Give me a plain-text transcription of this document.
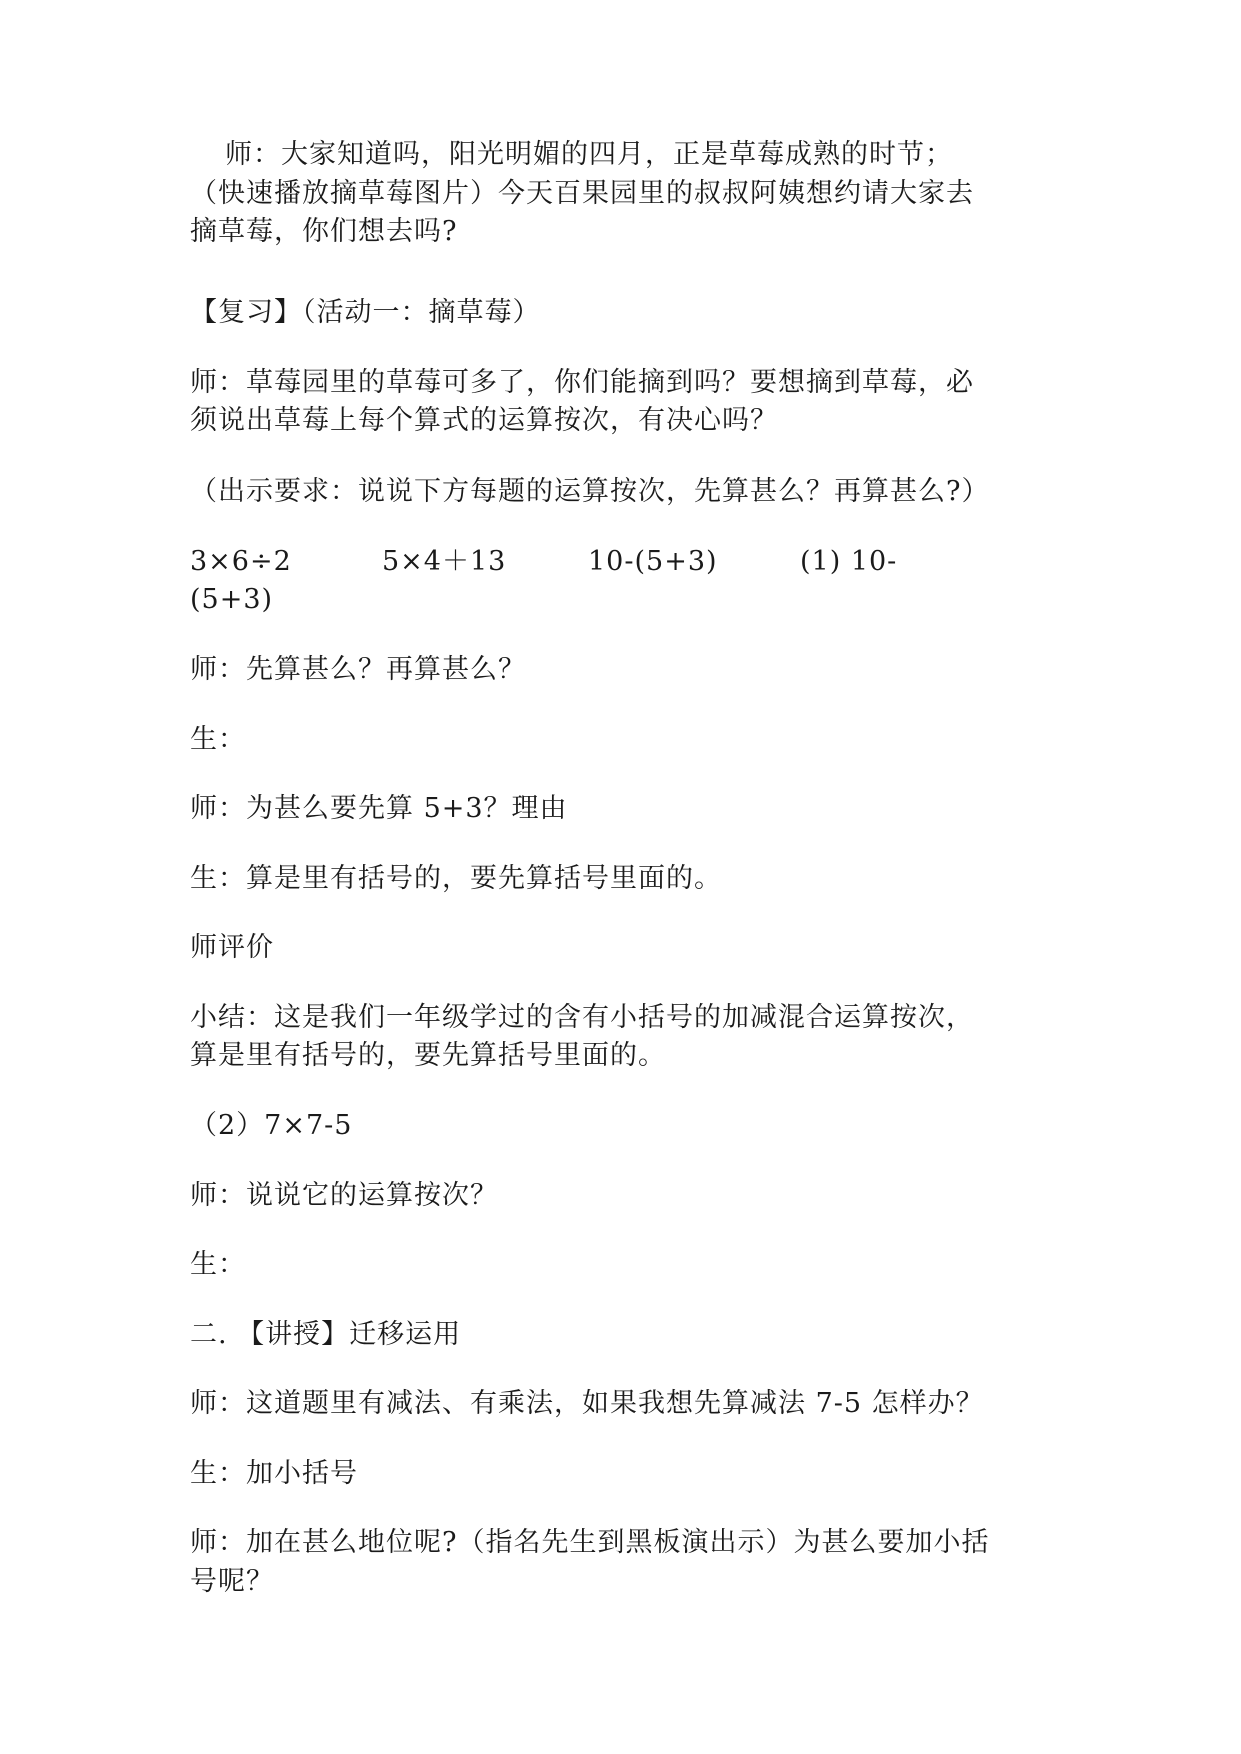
师：大家知道吗，阳光明媚的四月，正是草莓成熟的时节；
（快速播放摘草莓图片）今天百果园里的叔叔阿姨想约请大家去
摘草莓，你们想去吗?
【复习】（活动一：摘草莓）
师：草莓园里的草莓可多了，你们能摘到吗？要想摘到草莓，必
须说出草莓上每个算式的运算按次，有决心吗？
（出示要求：说说下方每题的运算按次，先算甚么？再算甚么?）

3×6÷2

	5×4＋13

	10-(5+3)

	(1) 10-

(5+3)
师：先算甚么？再算甚么？
生：
师：为甚么要先算 5+3？理由
生：算是里有括号的，要先算括号里面的。
师评价
小结：这是我们一年级学过的含有小括号的加减混合运算按次，
算是里有括号的，要先算括号里面的。
（2）7×7-5
师：说说它的运算按次？
生：
二. 【讲授】迁移运用
师：这道题里有减法、有乘法，如果我想先算减法 7-5 怎样办？
生：加小括号
师：加在甚么地位呢?（指名先生到黑板演出示）为甚么要加小括
号呢？
